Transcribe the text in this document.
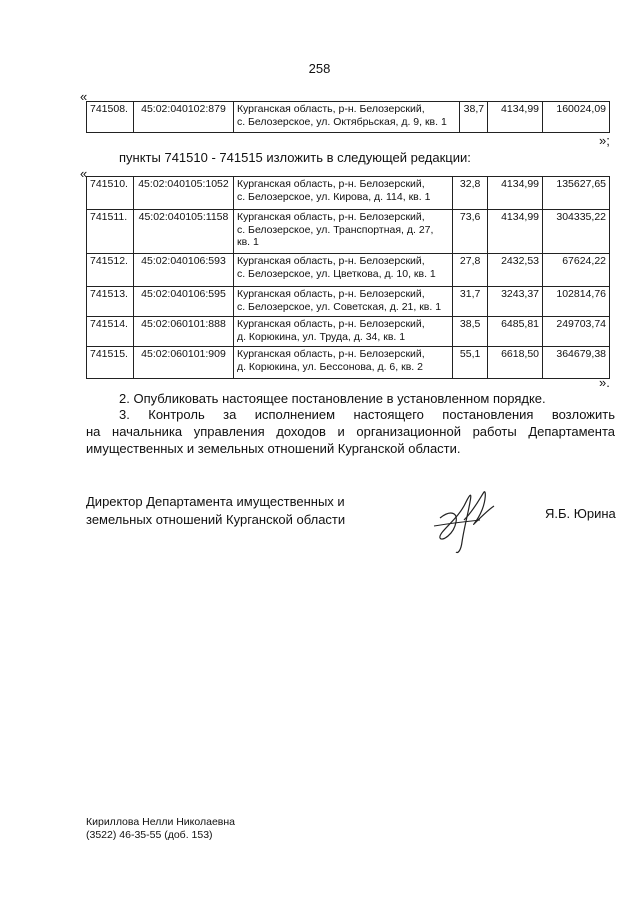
258
«
741508.	45:02:040102:879	Курганская область, р-н. Белозерский,
с. Белозерское, ул. Октябрьская, д. 9, кв. 1
	38,7	4134,99	160024,09
»;
пункты 741510 - 741515 изложить в следующей редакции:
«
741510.	45:02:040105:1052	Курганская область, р-н. Белозерский,
с. Белозерское, ул. Кирова, д. 114, кв. 1	32,8	4134,99	135627,65
741511.	45:02:040105:1158	Курганская область, р-н. Белозерский,
с. Белозерское, ул. Транспортная, д. 27,
кв. 1	73,6	4134,99	304335,22
741512.	45:02:040106:593	Курганская область, р-н. Белозерский,
с. Белозерское, ул. Цветкова, д. 10, кв. 1	27,8	2432,53	67624,22
741513.	45:02:040106:595	Курганская область, р-н. Белозерский,
с. Белозерское, ул. Советская, д. 21, кв. 1	31,7	3243,37	102814,76
741514.	45:02:060101:888	Курганская область, р-н. Белозерский,
д. Корюкина, ул. Труда, д. 34, кв. 1	38,5	6485,81	249703,74
741515.	45:02:060101:909	Курганская область, р-н. Белозерский,
д. Корюкина, ул. Бессонова, д. 6, кв. 2	55,1	6618,50	364679,38
».
2. Опубликовать настоящее постановление в установленном порядке.
3. Контроль за исполнением настоящего постановления возложить
на начальника управления доходов и организационной работы Департамента
имущественных и земельных отношений Курганской области.
Директор Департамента имущественных и
земельных отношений Курганской области	Я.Б. Юрина
Кириллова Нелли Николаевна
(3522) 46-35-55 (доб. 153)
